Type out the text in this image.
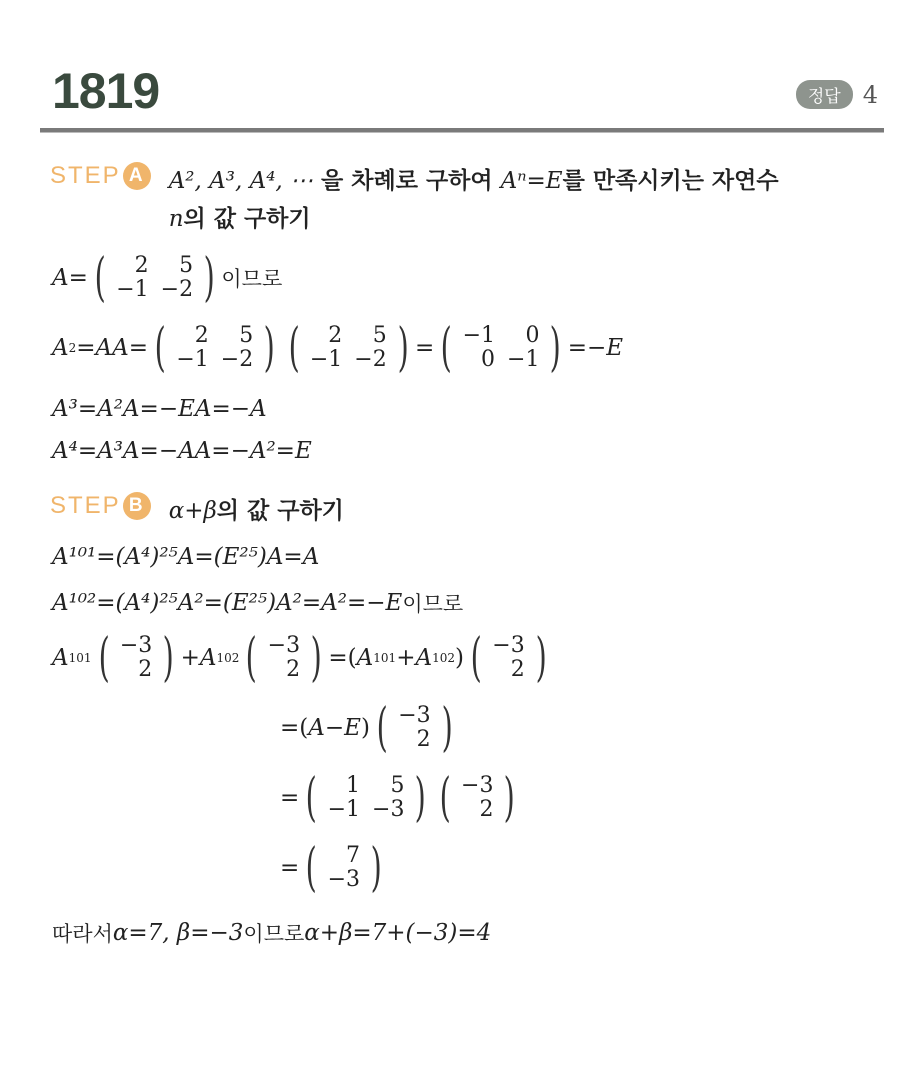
1819	정답 4
STEP A A², A³, A⁴, ⋯ 을 차례로 구하여 Aⁿ=E를 만족시키는 자연수
n의 값 구하기
A = ( 2	5
−1	−2 ) 이므로
A 2 = AA = ( 2	5
−1	−2 ) ( 2	5
−1	−2 ) = ( −1	0
0	−1 ) =− E
A³=A²A=−EA=−A
A⁴=A³A=−AA=−A²=E
STEP B α+β의 값 구하기
A¹⁰¹=(A⁴)²⁵A=(E²⁵)A=A
A¹⁰²=(A⁴)²⁵A²=(E²⁵)A²=A²=−E 이므로
A 101 ( −3
2 ) + A 102 ( −3
2 ) =( A 101 + A 102 ) ( −3
2 )
=( A − E ) ( −3
2 )
= ( 1	5
−1	−3 ) ( −3
2 )
= ( 7
−3 )
따라서 α=7, β=−3 이므로 α+β=7+(−3)=4
